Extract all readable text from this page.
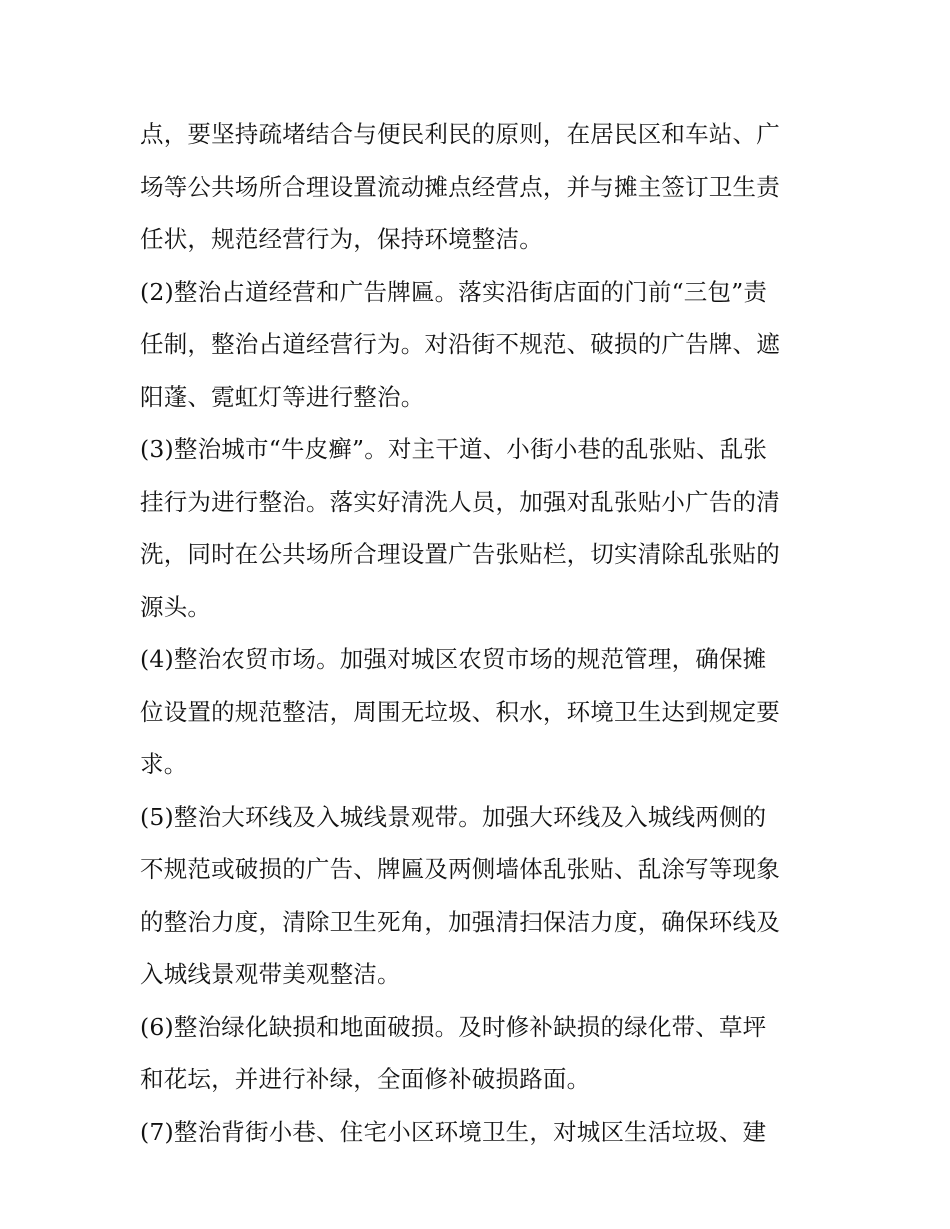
点，要坚持疏堵结合与便民利民的原则，在居民区和车站、广
场等公共场所合理设置流动摊点经营点，并与摊主签订卫生责
任状，规范经营行为，保持环境整洁。
(2)整治占道经营和广告牌匾。落实沿街店面的门前“三包”责
任制，整治占道经营行为。对沿街不规范、破损的广告牌、遮
阳蓬、霓虹灯等进行整治。
(3)整治城市“牛皮癣”。对主干道、小街小巷的乱张贴、乱张
挂行为进行整治。落实好清洗人员，加强对乱张贴小广告的清
洗，同时在公共场所合理设置广告张贴栏，切实清除乱张贴的
源头。
(4)整治农贸市场。加强对城区农贸市场的规范管理，确保摊
位设置的规范整洁，周围无垃圾、积水，环境卫生达到规定要
求。
(5)整治大环线及入城线景观带。加强大环线及入城线两侧的
不规范或破损的广告、牌匾及两侧墙体乱张贴、乱涂写等现象
的整治力度，清除卫生死角，加强清扫保洁力度，确保环线及
入城线景观带美观整洁。
(6)整治绿化缺损和地面破损。及时修补缺损的绿化带、草坪
和花坛，并进行补绿，全面修补破损路面。
(7)整治背街小巷、住宅小区环境卫生，对城区生活垃圾、建
